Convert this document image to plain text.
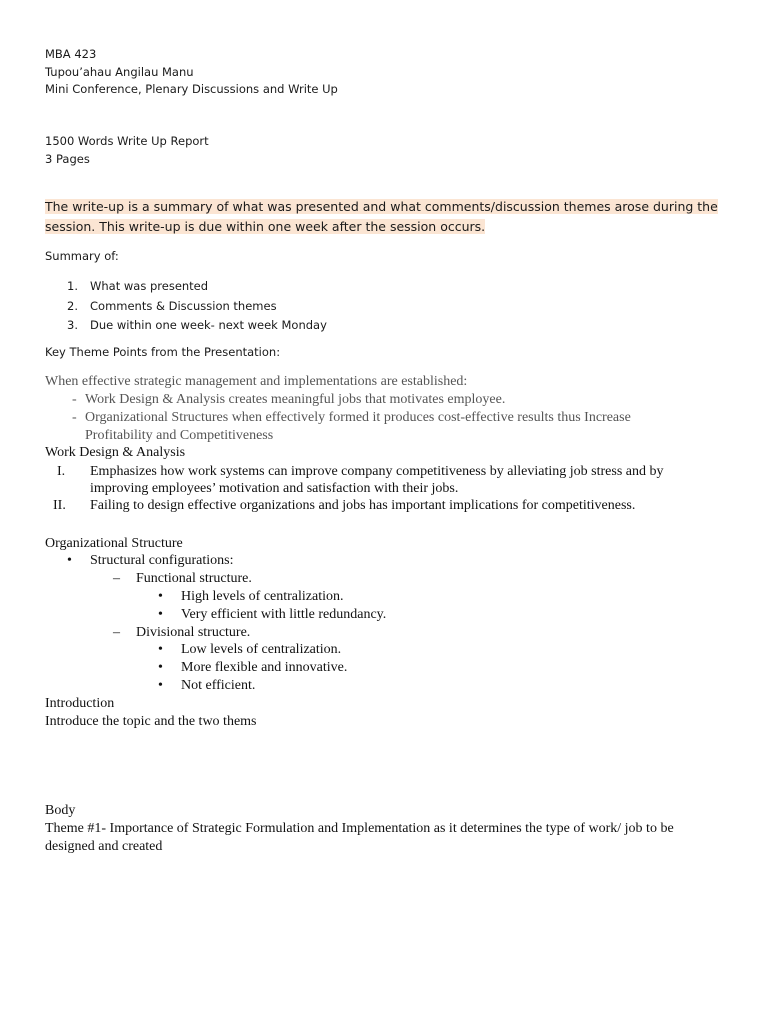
MBA 423
Tupou’ahau Angilau Manu
Mini Conference, Plenary Discussions and Write Up
1500 Words Write Up Report
3 Pages
The write-up is a summary of what was presented and what comments/discussion themes arose during the
session. This write-up is due within one week after the session occurs.
Summary of:
1.	What was presented
2.	Comments & Discussion themes
3.	Due within one week- next week Monday
Key Theme Points from the Presentation:
When effective strategic management and implementations are established:
- Work Design & Analysis creates meaningful jobs that motivates employee.
- Organizational Structures when effectively formed it produces cost-effective results thus Increase
Profitability and Competitiveness
Work Design & Analysis
I.	Emphasizes how work systems can improve company competitiveness by alleviating job stress and by improving employees’ motivation and satisfaction with their jobs.
II.	Failing to design effective organizations and jobs has important implications for competitiveness.
Organizational Structure
•	Structural configurations:
–	Functional structure.
•	High levels of centralization.
•	Very efficient with little redundancy.
–	Divisional structure.
•	Low levels of centralization.
•	More flexible and innovative.
•	Not efficient.
Introduction
Introduce the topic and the two thems
Body
Theme #1- Importance of Strategic Formulation and Implementation as it determines the type of work/ job to be
designed and created
